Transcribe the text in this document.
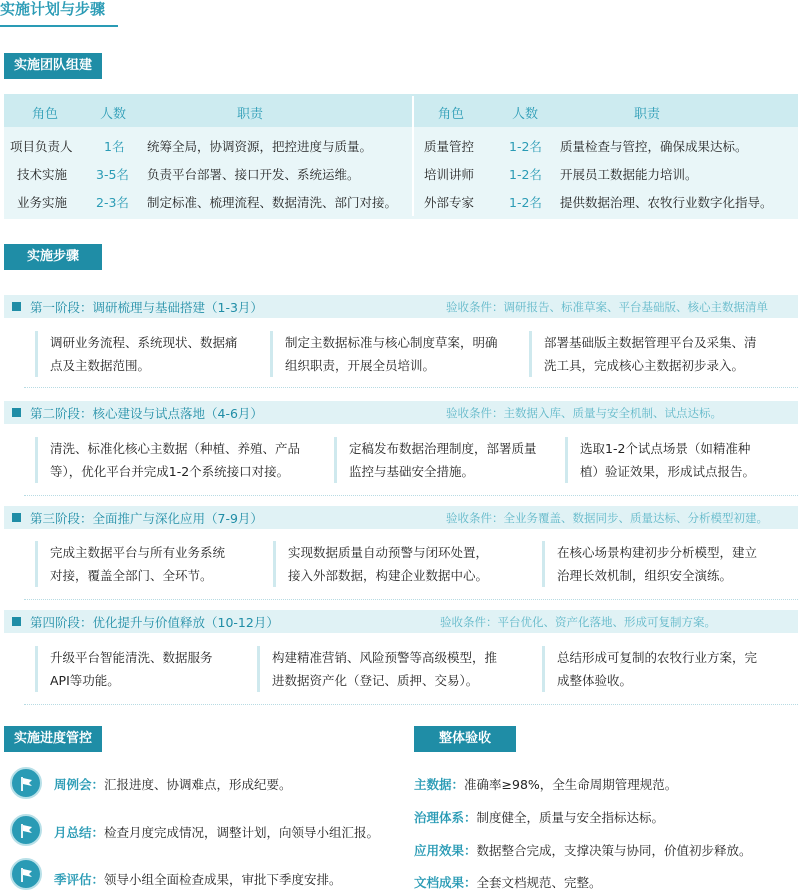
实施计划与步骤
实施团队组建
角色	人数	职责	角色	人数	职责
项目负责人	1名 统筹全局，协调资源，把控进度与质量。
技术实施 3-5名 负责平台部署、接口开发、系统运维。
业务实施 2-3名 制定标准、梳理流程、数据清洗、部门对接。
质量管控	1-2名 质量检查与管控，确保成果达标。
培训讲师	1-2名 开展员工数据能力培训。
外部专家	1-2名 提供数据治理、农牧行业数字化指导。
实施步骤
第一阶段：调研梳理与基础搭建（1-3月）	验收条件：调研报告、标准草案、平台基础版、核心主数据清单
调研业务流程、系统现状、数据痛
点及主数据范围。
制定主数据标准与核心制度草案，明确
组织职责，开展全员培训。
部署基础版主数据管理平台及采集、清
洗工具，完成核心主数据初步录入。
第二阶段：核心建设与试点落地（4-6月）	验收条件：主数据入库、质量与安全机制、试点达标。
清洗、标准化核心主数据（种植、养殖、产品
等），优化平台并完成1-2个系统接口对接。
定稿发布数据治理制度，部署质量
监控与基础安全措施。
选取1-2个试点场景（如精准种
植）验证效果，形成试点报告。
第三阶段：全面推广与深化应用（7-9月）	验收条件：全业务覆盖、数据同步、质量达标、分析模型初建。
完成主数据平台与所有业务系统
对接，覆盖全部门、全环节。
实现数据质量自动预警与闭环处置，
接入外部数据，构建企业数据中心。
在核心场景构建初步分析模型，建立
治理长效机制，组织安全演练。
第四阶段：优化提升与价值释放（10-12月）	验收条件：平台优化、资产化落地、形成可复制方案。
升级平台智能清洗、数据服务
API等功能。
构建精准营销、风险预警等高级模型，推
进数据资产化（登记、质押、交易）。
总结形成可复制的农牧行业方案，完
成整体验收。
实施进度管控
周例会：汇报进度、协调难点，形成纪要。
月总结：检查月度完成情况，调整计划，向领导小组汇报。
季评估：领导小组全面检查成果，审批下季度安排。
整体验收
主数据：准确率≥98%，全生命周期管理规范。
治理体系：制度健全，质量与安全指标达标。
应用效果：数据整合完成，支撑决策与协同，价值初步释放。
文档成果：全套文档规范、完整。
